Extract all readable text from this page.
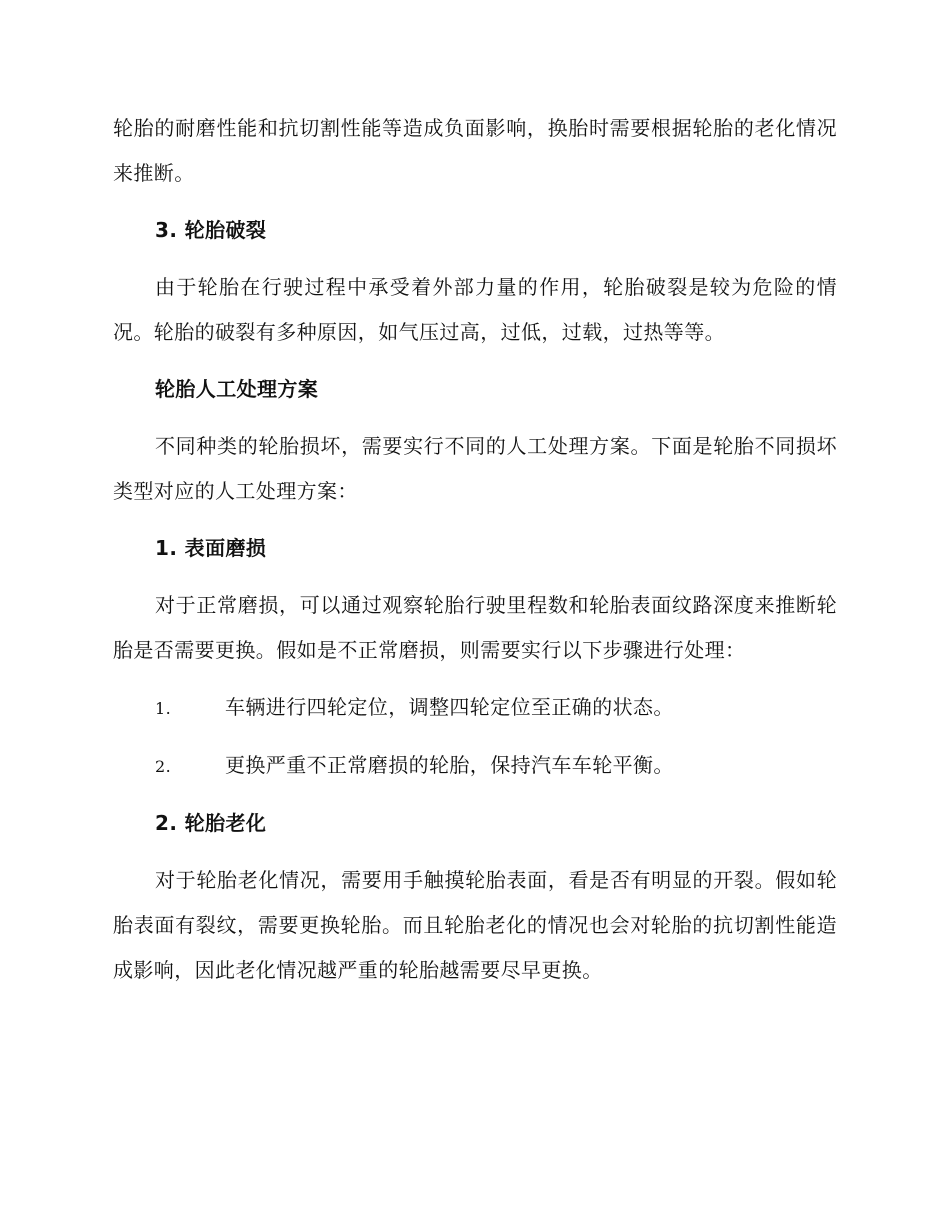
轮胎的耐磨性能和抗切割性能等造成负面影响，换胎时需要根据轮胎的老化情况来推断。

3. 轮胎破裂

由于轮胎在行驶过程中承受着外部力量的作用，轮胎破裂是较为危险的情况。轮胎的破裂有多种原因，如气压过高，过低，过载，过热等等。

轮胎人工处理方案

不同种类的轮胎损坏，需要实行不同的人工处理方案。下面是轮胎不同损坏类型对应的人工处理方案：

1. 表面磨损

对于正常磨损，可以通过观察轮胎行驶里程数和轮胎表面纹路深度来推断轮胎是否需要更换。假如是不正常磨损，则需要实行以下步骤进行处理：

1.	车辆进行四轮定位，调整四轮定位至正确的状态。
2.	更换严重不正常磨损的轮胎，保持汽车车轮平衡。

2. 轮胎老化

对于轮胎老化情况，需要用手触摸轮胎表面，看是否有明显的开裂。假如轮胎表面有裂纹，需要更换轮胎。而且轮胎老化的情况也会对轮胎的抗切割性能造成影响，因此老化情况越严重的轮胎越需要尽早更换。
